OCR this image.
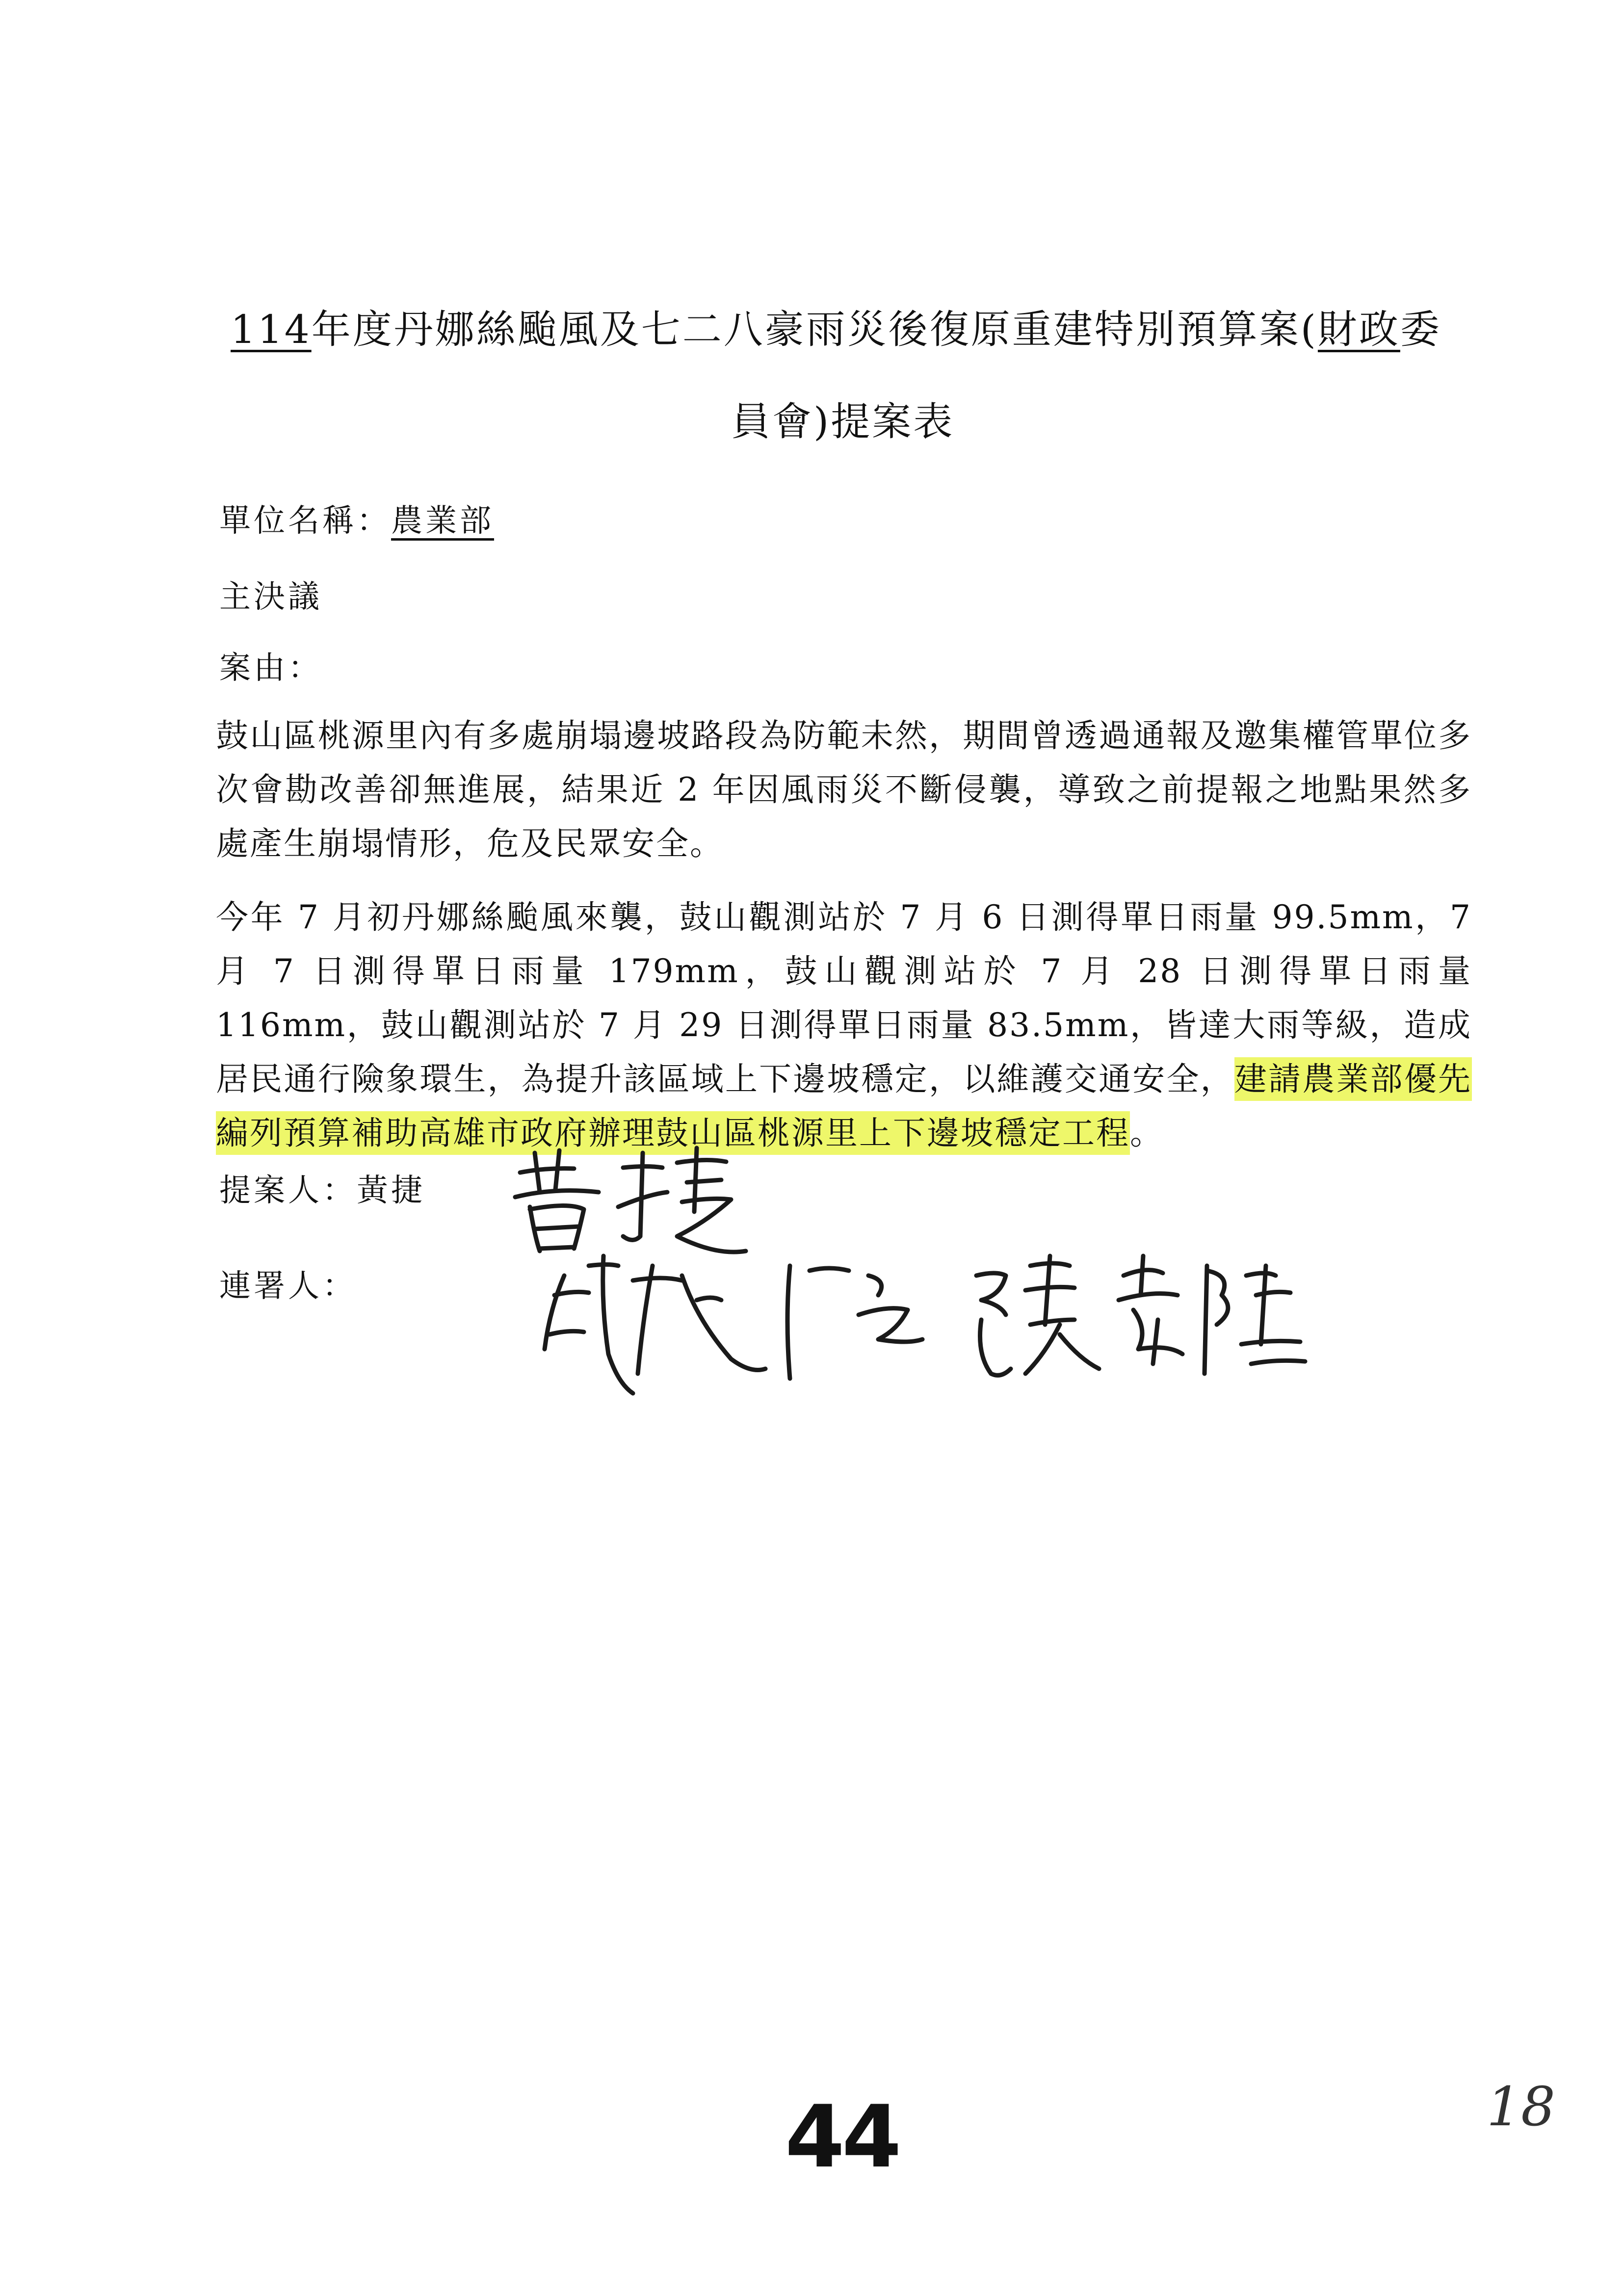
114年度丹娜絲颱風及七二八豪雨災後復原重建特別預算案(財政委
員會)提案表
單位名稱：農業部
主決議
案由：
鼓山區桃源里內有多處崩塌邊坡路段為防範未然，期間曾透過通報及邀集權管單位多次會勘改善卻無進展，結果近 2 年因風雨災不斷侵襲，導致之前提報之地點果然多處產生崩塌情形，危及民眾安全。
今年 7 月初丹娜絲颱風來襲，鼓山觀測站於 7 月 6 日測得單日雨量 99.5mm，7 月 7 日測得單日雨量 179mm，鼓山觀測站於 7 月 28 日測得單日雨量 116mm，鼓山觀測站於 7 月 29 日測得單日雨量 83.5mm，皆達大雨等級，造成居民通行險象環生，為提升該區域上下邊坡穩定，以維護交通安全，建請農業部優先編列預算補助高雄市政府辦理鼓山區桃源里上下邊坡穩定工程。
提案人：黃捷
連署人：
44	18
